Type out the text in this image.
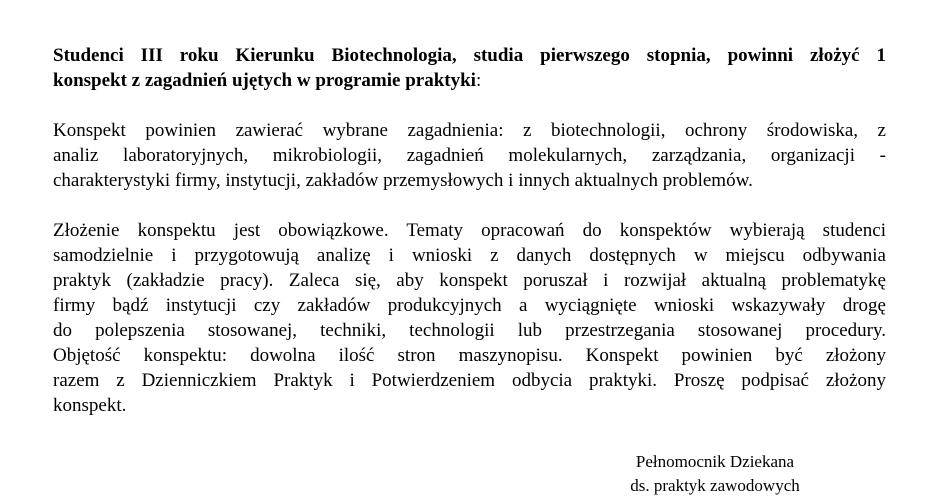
Studenci III roku Kierunku Biotechnologia, studia pierwszego stopnia, powinni złożyć 1
konspekt z zagadnień ujętych w programie praktyki:

Konspekt powinien zawierać wybrane zagadnienia: z biotechnologii, ochrony środowiska, z
analiz laboratoryjnych, mikrobiologii, zagadnień molekularnych, zarządzania, organizacji -
charakterystyki firmy, instytucji, zakładów przemysłowych i innych aktualnych problemów.

Złożenie konspektu jest obowiązkowe. Tematy opracowań do konspektów wybierają studenci
samodzielnie i przygotowują analizę i wnioski z danych dostępnych w miejscu odbywania
praktyk (zakładzie pracy). Zaleca się, aby konspekt poruszał i rozwijał aktualną problematykę
firmy bądź instytucji czy zakładów produkcyjnych a wyciągnięte wnioski wskazywały drogę
do polepszenia stosowanej, techniki, technologii lub przestrzegania stosowanej procedury.
Objętość konspektu: dowolna ilość stron maszynopisu. Konspekt powinien być złożony
razem z Dzienniczkiem Praktyk i Potwierdzeniem odbycia praktyki. Proszę podpisać złożony
konspekt.

Pełnomocnik Dziekana
ds. praktyk zawodowych
